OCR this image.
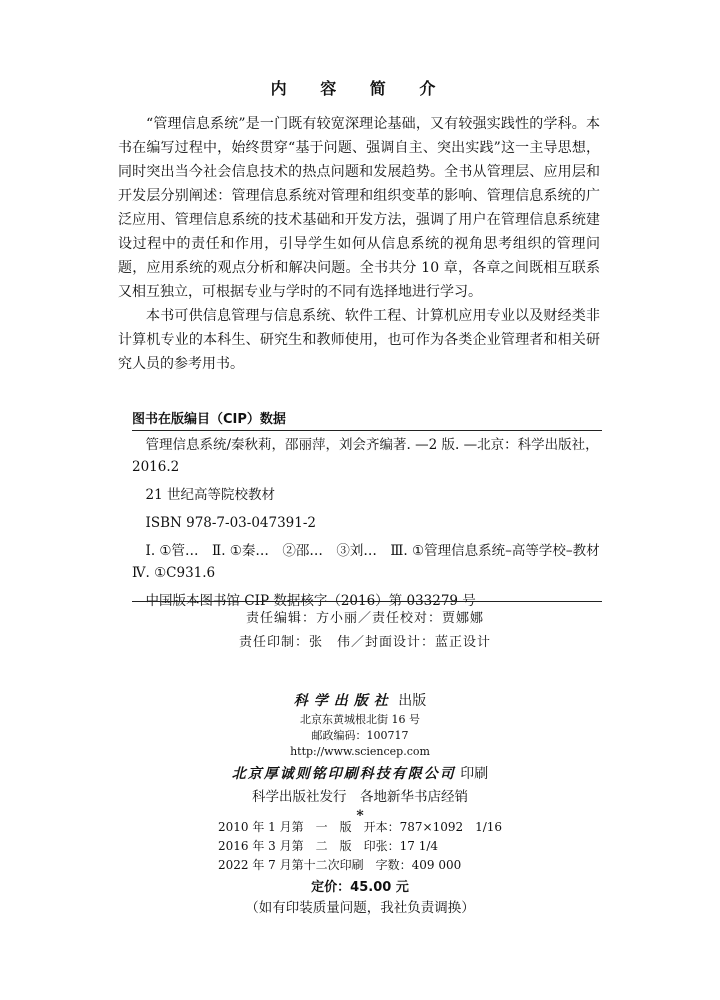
内 容 简 介

“管理信息系统”是一门既有较宽深理论基础，又有较强实践性的学科。本书在编写过程中，始终贯穿“基于问题、强调自主、突出实践”这一主导思想，同时突出当今社会信息技术的热点问题和发展趋势。全书从管理层、应用层和开发层分别阐述：管理信息系统对管理和组织变革的影响、管理信息系统的广泛应用、管理信息系统的技术基础和开发方法，强调了用户在管理信息系统建设过程中的责任和作用，引导学生如何从信息系统的视角思考组织的管理问题，应用系统的观点分析和解决问题。全书共分 10 章，各章之间既相互联系又相互独立，可根据专业与学时的不同有选择地进行学习。

本书可供信息管理与信息系统、软件工程、计算机应用专业以及财经类非计算机专业的本科生、研究生和教师使用，也可作为各类企业管理者和相关研究人员的参考用书。

图书在版编目（CIP）数据

管理信息系统/秦秋莉，邵丽萍，刘会齐编著. —2 版. —北京：科学出版社，2016.2

21 世纪高等院校教材

ISBN 978-7-03-047391-2

Ⅰ. ①管…　Ⅱ. ①秦…　②邵…　③刘…　Ⅲ. ①管理信息系统–高等学校–教材　Ⅳ. ①C931.6

中国版本图书馆 CIP 数据核字（2016）第 033279 号

责任编辑：方小丽／责任校对：贾娜娜
责任印制：张　伟／封面设计：蓝正设计
科学出版社 出版
北京东黄城根北街 16 号
邮政编码：100717
http://www.sciencep.com
北京厚诚则铭印刷科技有限公司 印刷
科学出版社发行　各地新华书店经销
*
2010 年 1 月第　一　版　开本：787×1092　1/16
2016 年 3 月第　二　版　印张：17 1/4
2022 年 7 月第十二次印刷　字数：409 000
定价：45.00 元
（如有印装质量问题，我社负责调换）
